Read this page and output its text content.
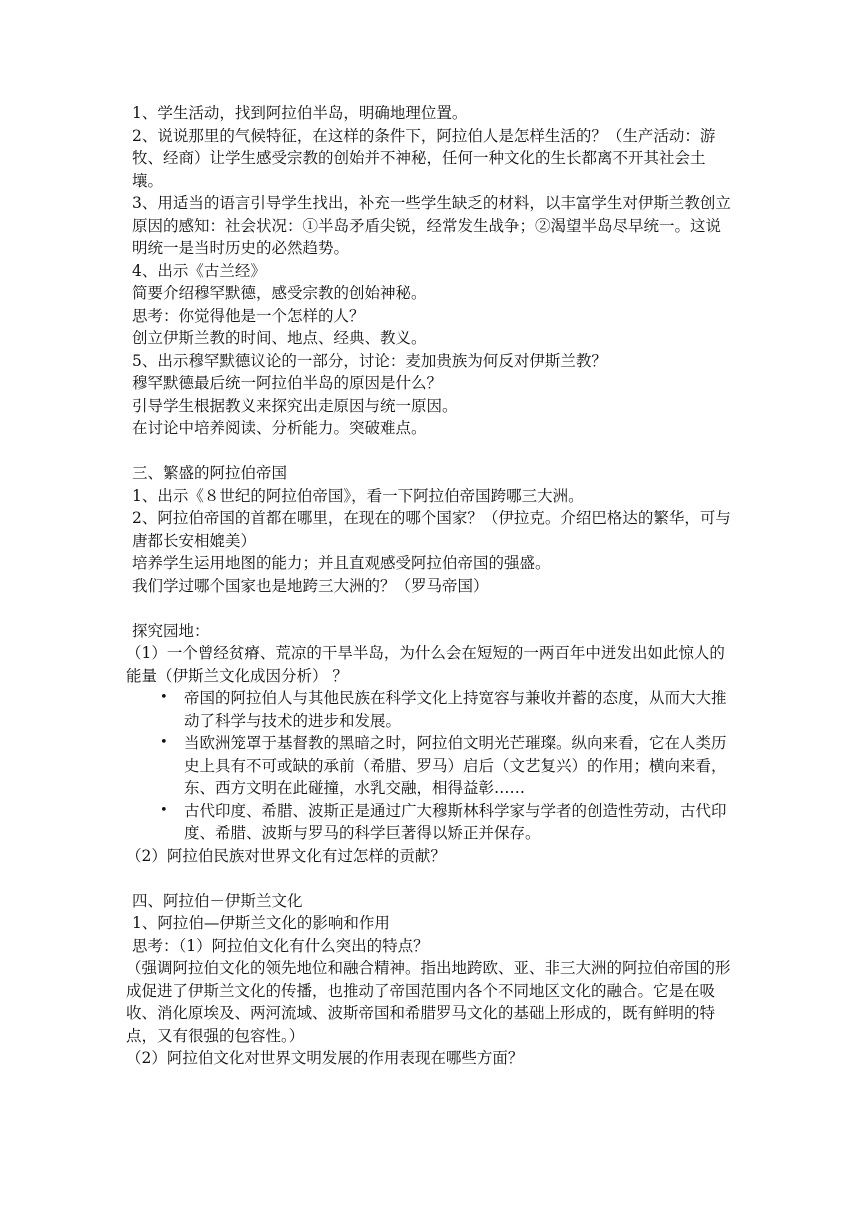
1、学生活动，找到阿拉伯半岛，明确地理位置。
2、说说那里的气候特征，在这样的条件下，阿拉伯人是怎样生活的？（生产活动：游牧、经商）让学生感受宗教的创始并不神秘，任何一种文化的生长都离不开其社会土壤。
3、用适当的语言引导学生找出，补充一些学生缺乏的材料，以丰富学生对伊斯兰教创立原因的感知：社会状况：①半岛矛盾尖锐，经常发生战争；②渴望半岛尽早统一。这说明统一是当时历史的必然趋势。
4、出示《古兰经》
简要介绍穆罕默德，感受宗教的创始神秘。
思考：你觉得他是一个怎样的人？
创立伊斯兰教的时间、地点、经典、教义。
5、出示穆罕默德议论的一部分，讨论：麦加贵族为何反对伊斯兰教？
穆罕默德最后统一阿拉伯半岛的原因是什么？
引导学生根据教义来探究出走原因与统一原因。
在讨论中培养阅读、分析能力。突破难点。
三、繁盛的阿拉伯帝国
1、出示《８世纪的阿拉伯帝国》，看一下阿拉伯帝国跨哪三大洲。
2、阿拉伯帝国的首都在哪里，在现在的哪个国家？（伊拉克。介绍巴格达的繁华，可与唐都长安相媲美）
培养学生运用地图的能力；并且直观感受阿拉伯帝国的强盛。
我们学过哪个国家也是地跨三大洲的？（罗马帝国）
探究园地：
（1）一个曾经贫瘠、荒凉的干旱半岛，为什么会在短短的一两百年中迸发出如此惊人的能量（伊斯兰文化成因分析） ？
• 帝国的阿拉伯人与其他民族在科学文化上持宽容与兼收并蓄的态度，从而大大推动了科学与技术的进步和发展。
• 当欧洲笼罩于基督教的黑暗之时，阿拉伯文明光芒璀璨。纵向来看，它在人类历史上具有不可或缺的承前（希腊、罗马）启后（文艺复兴）的作用；横向来看，东、西方文明在此碰撞，水乳交融，相得益彰……
• 古代印度、希腊、波斯正是通过广大穆斯林科学家与学者的创造性劳动，古代印度、希腊、波斯与罗马的科学巨著得以矫正并保存。
（2）阿拉伯民族对世界文化有过怎样的贡献？
四、阿拉伯－伊斯兰文化
1、阿拉伯—伊斯兰文化的影响和作用
思考：（1）阿拉伯文化有什么突出的特点？
（强调阿拉伯文化的领先地位和融合精神。指出地跨欧、亚、非三大洲的阿拉伯帝国的形成促进了伊斯兰文化的传播，也推动了帝国范围内各个不同地区文化的融合。它是在吸收、消化原埃及、两河流域、波斯帝国和希腊罗马文化的基础上形成的，既有鲜明的特点，又有很强的包容性。）
（2）阿拉伯文化对世界文明发展的作用表现在哪些方面？
